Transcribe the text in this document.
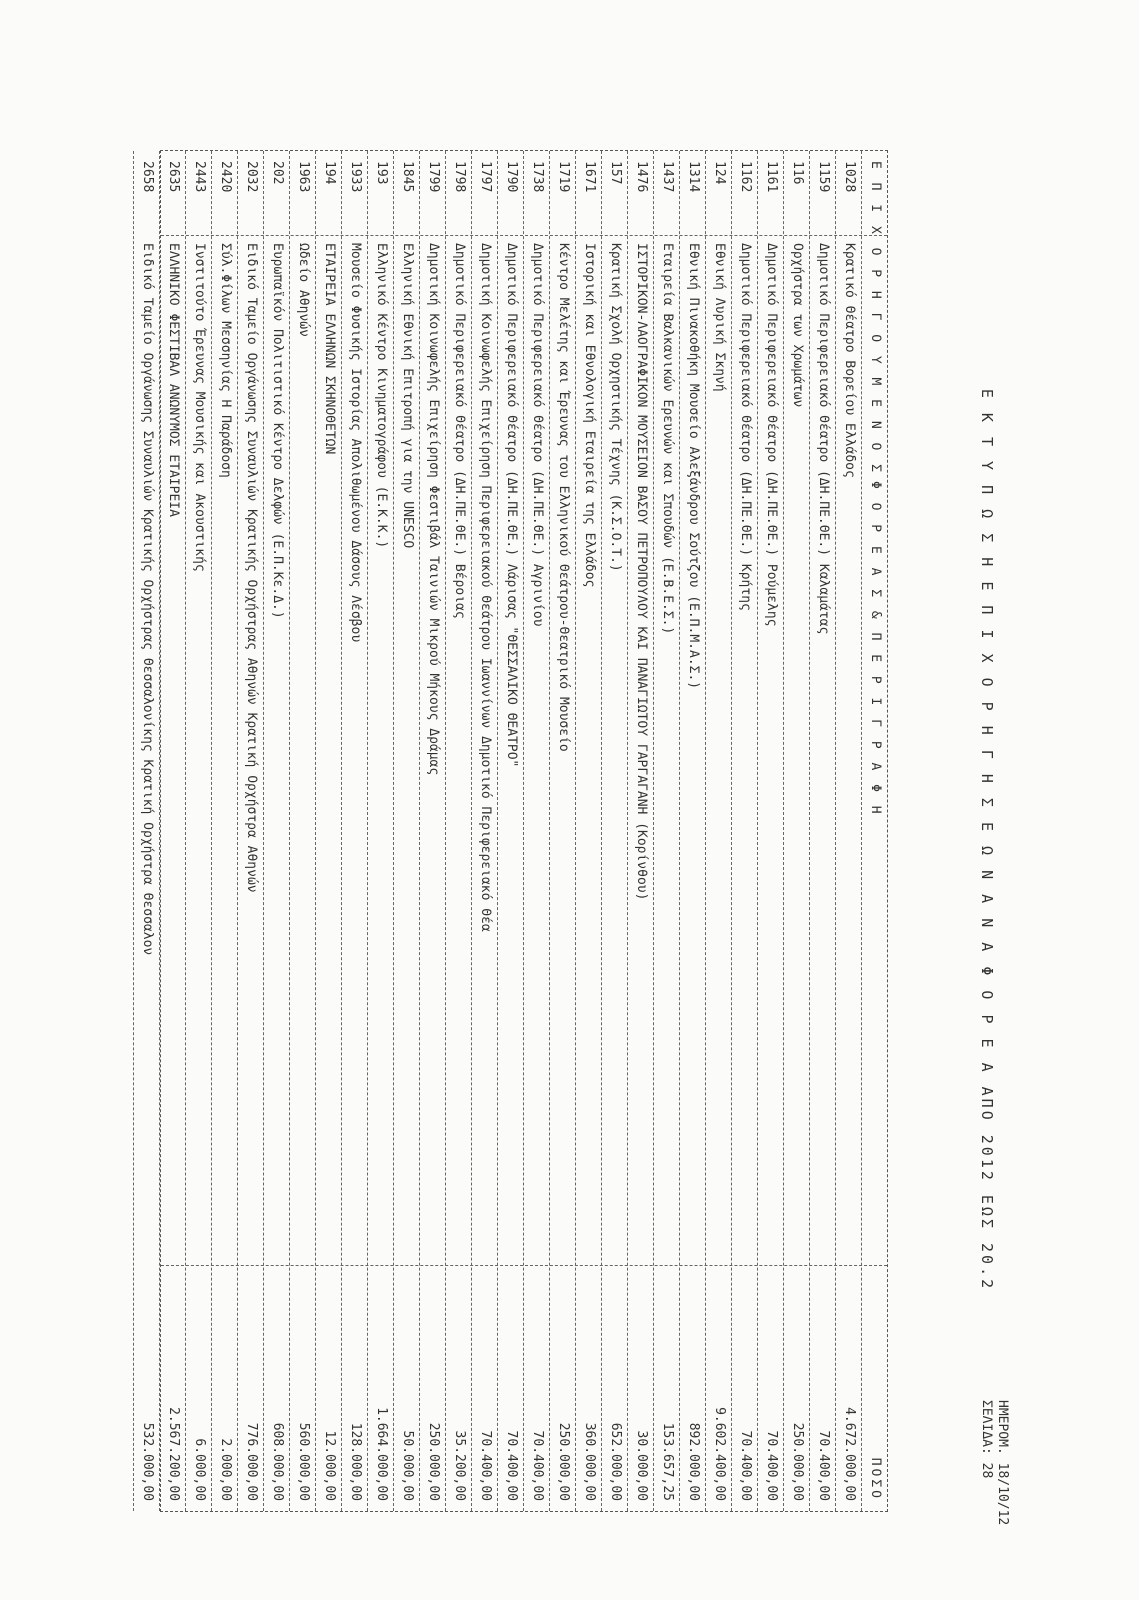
Ε Κ Τ Υ Π Ω Σ Η Ε Π Ι Χ Ο Ρ Η Γ Η Σ Ε Ω Ν Α Ν Α Φ Ο Ρ Ε Α ΑΠΟ 2012 ΕΩΣ 20.2
ΗΜΕΡΟΜ. 18/10/12
ΣΕΛΙΔΑ: 28
Ε Π Ι Χ Ο Ρ Η Γ Ο Υ Μ Ε Ν Ο Σ
Φ Ο Ρ Ε Α Σ & Π Ε Ρ Ι Γ Ρ Α Φ Η
ΠΟΣΟ
1028
Κρατικό Θέατρο Βορείου Ελλάδος
4.672.000,00
1159
Δημοτικό Περιφερειακό Θέατρο (ΔΗ.ΠΕ.ΘΕ.) Καλαμάτας
70.400,00
116
Ορχήστρα των Χρωμάτων
250.000,00
1161
Δημοτικό Περιφερειακό Θέατρο (ΔΗ.ΠΕ.ΘΕ.) Ρούμελης
70.400,00
1162
Δημοτικό Περιφερειακό Θέατρο (ΔΗ.ΠΕ.ΘΕ.) Κρήτης
70.400,00
124
Εθνική Λυρική Σκηνή
9.602.400,00
1314
Εθνική Πινακοθήκη Μουσείο Αλεξάνδρου Σούτζου (Ε.Π.Μ.Α.Σ.)
892.000,00
1437
Εταιρεία Βαλκανικών Ερευνών και Σπουδών (Ε.Β.Ε.Σ.)
153.657,25
1476
ΙΣΤΟΡΙΚΟΝ-ΛΑΟΓΡΑΦΙΚΟΝ ΜΟΥΣΕΙΟΝ ΒΑΣΟΥ ΠΕΤΡΟΠΟΥΛΟΥ ΚΑΙ ΠΑΝΑΓΙΩΤΟΥ ΓΑΡΓΑΓΑΝΗ (Κορίνθου)
30.000,00
157
Κρατική Σχολή Ορχηστικής Τέχνης (Κ.Σ.Ο.Τ.)
652.000,00
1671
Ιστορική και Εθνολογική Εταιρεία της Ελλάδος
360.000,00
1719
Κέντρο Μελέτης και Έρευνας του Ελληνικού Θεάτρου-Θεατρικό Μουσείο
250.000,00
1738
Δημοτικό Περιφερειακό Θέατρο (ΔΗ.ΠΕ.ΘΕ.) Αγρινίου
70.400,00
1790
Δημοτικό Περιφερειακό Θέατρο (ΔΗ.ΠΕ.ΘΕ.) Λάρισας "ΘΕΣΣΑΛΙΚΟ ΘΕΑΤΡΟ"
70.400,00
1797
Δημοτική Κοινωφελής Επιχείρηση Περιφερειακού Θεάτρου Ιωαννίνων Δημοτικό Περιφερειακό Θέα
70.400,00
1798
Δημοτικό Περιφερειακό Θέατρο (ΔΗ.ΠΕ.ΘΕ.) Βέροιας
35.200,00
1799
Δημοτική Κοινωφελής Επιχείρηση Φεστιβάλ Ταινιών Μικρού Μήκους Δράμας
250.000,00
1845
Ελληνική Εθνική Επιτροπή για την UNESCO
50.000,00
193
Ελληνικό Κέντρο Κινηματογράφου (Ε.Κ.Κ.)
1.664.000,00
1933
Μουσείο Φυσικής Ιστορίας Απολιθωμένου Δάσους Λέσβου
128.000,00
194
ΕΤΑΙΡΕΙΑ ΕΛΛΗΝΩΝ ΣΚΗΝΟΘΕΤΩΝ
12.000,00
1963
Ωδείο Αθηνών
560.000,00
202
Ευρωπαϊκόν Πολιτιστικό Κέντρο Δελφών (Ε.Π.Κε.Δ.)
608.000,00
2032
Ειδικό Ταμείο Οργάνωσης Συναυλιών Κρατικής Ορχήστρας Αθηνών Κρατική Ορχήστρα Αθηνών
776.000,00
2420
Σύλ.Φίλων Μεσσηνίας Η Παράδοση
2.000,00
2443
Ινστιτούτο Έρευνας Μουσικής και Ακουστικής
6.000,00
2635
ΕΛΛΗΝΙΚΟ ΦΕΣΤΙΒΑΛ ΑΝΩΝΥΜΟΣ ΕΤΑΙΡΕΙΑ
2.567.200,00
2658
Ειδικό Ταμείο Οργάνωσης Συναυλιών Κρατικής Ορχήστρας Θεσσαλονίκης Κρατική Ορχήστρα Θεσσαλον
532.000,00
